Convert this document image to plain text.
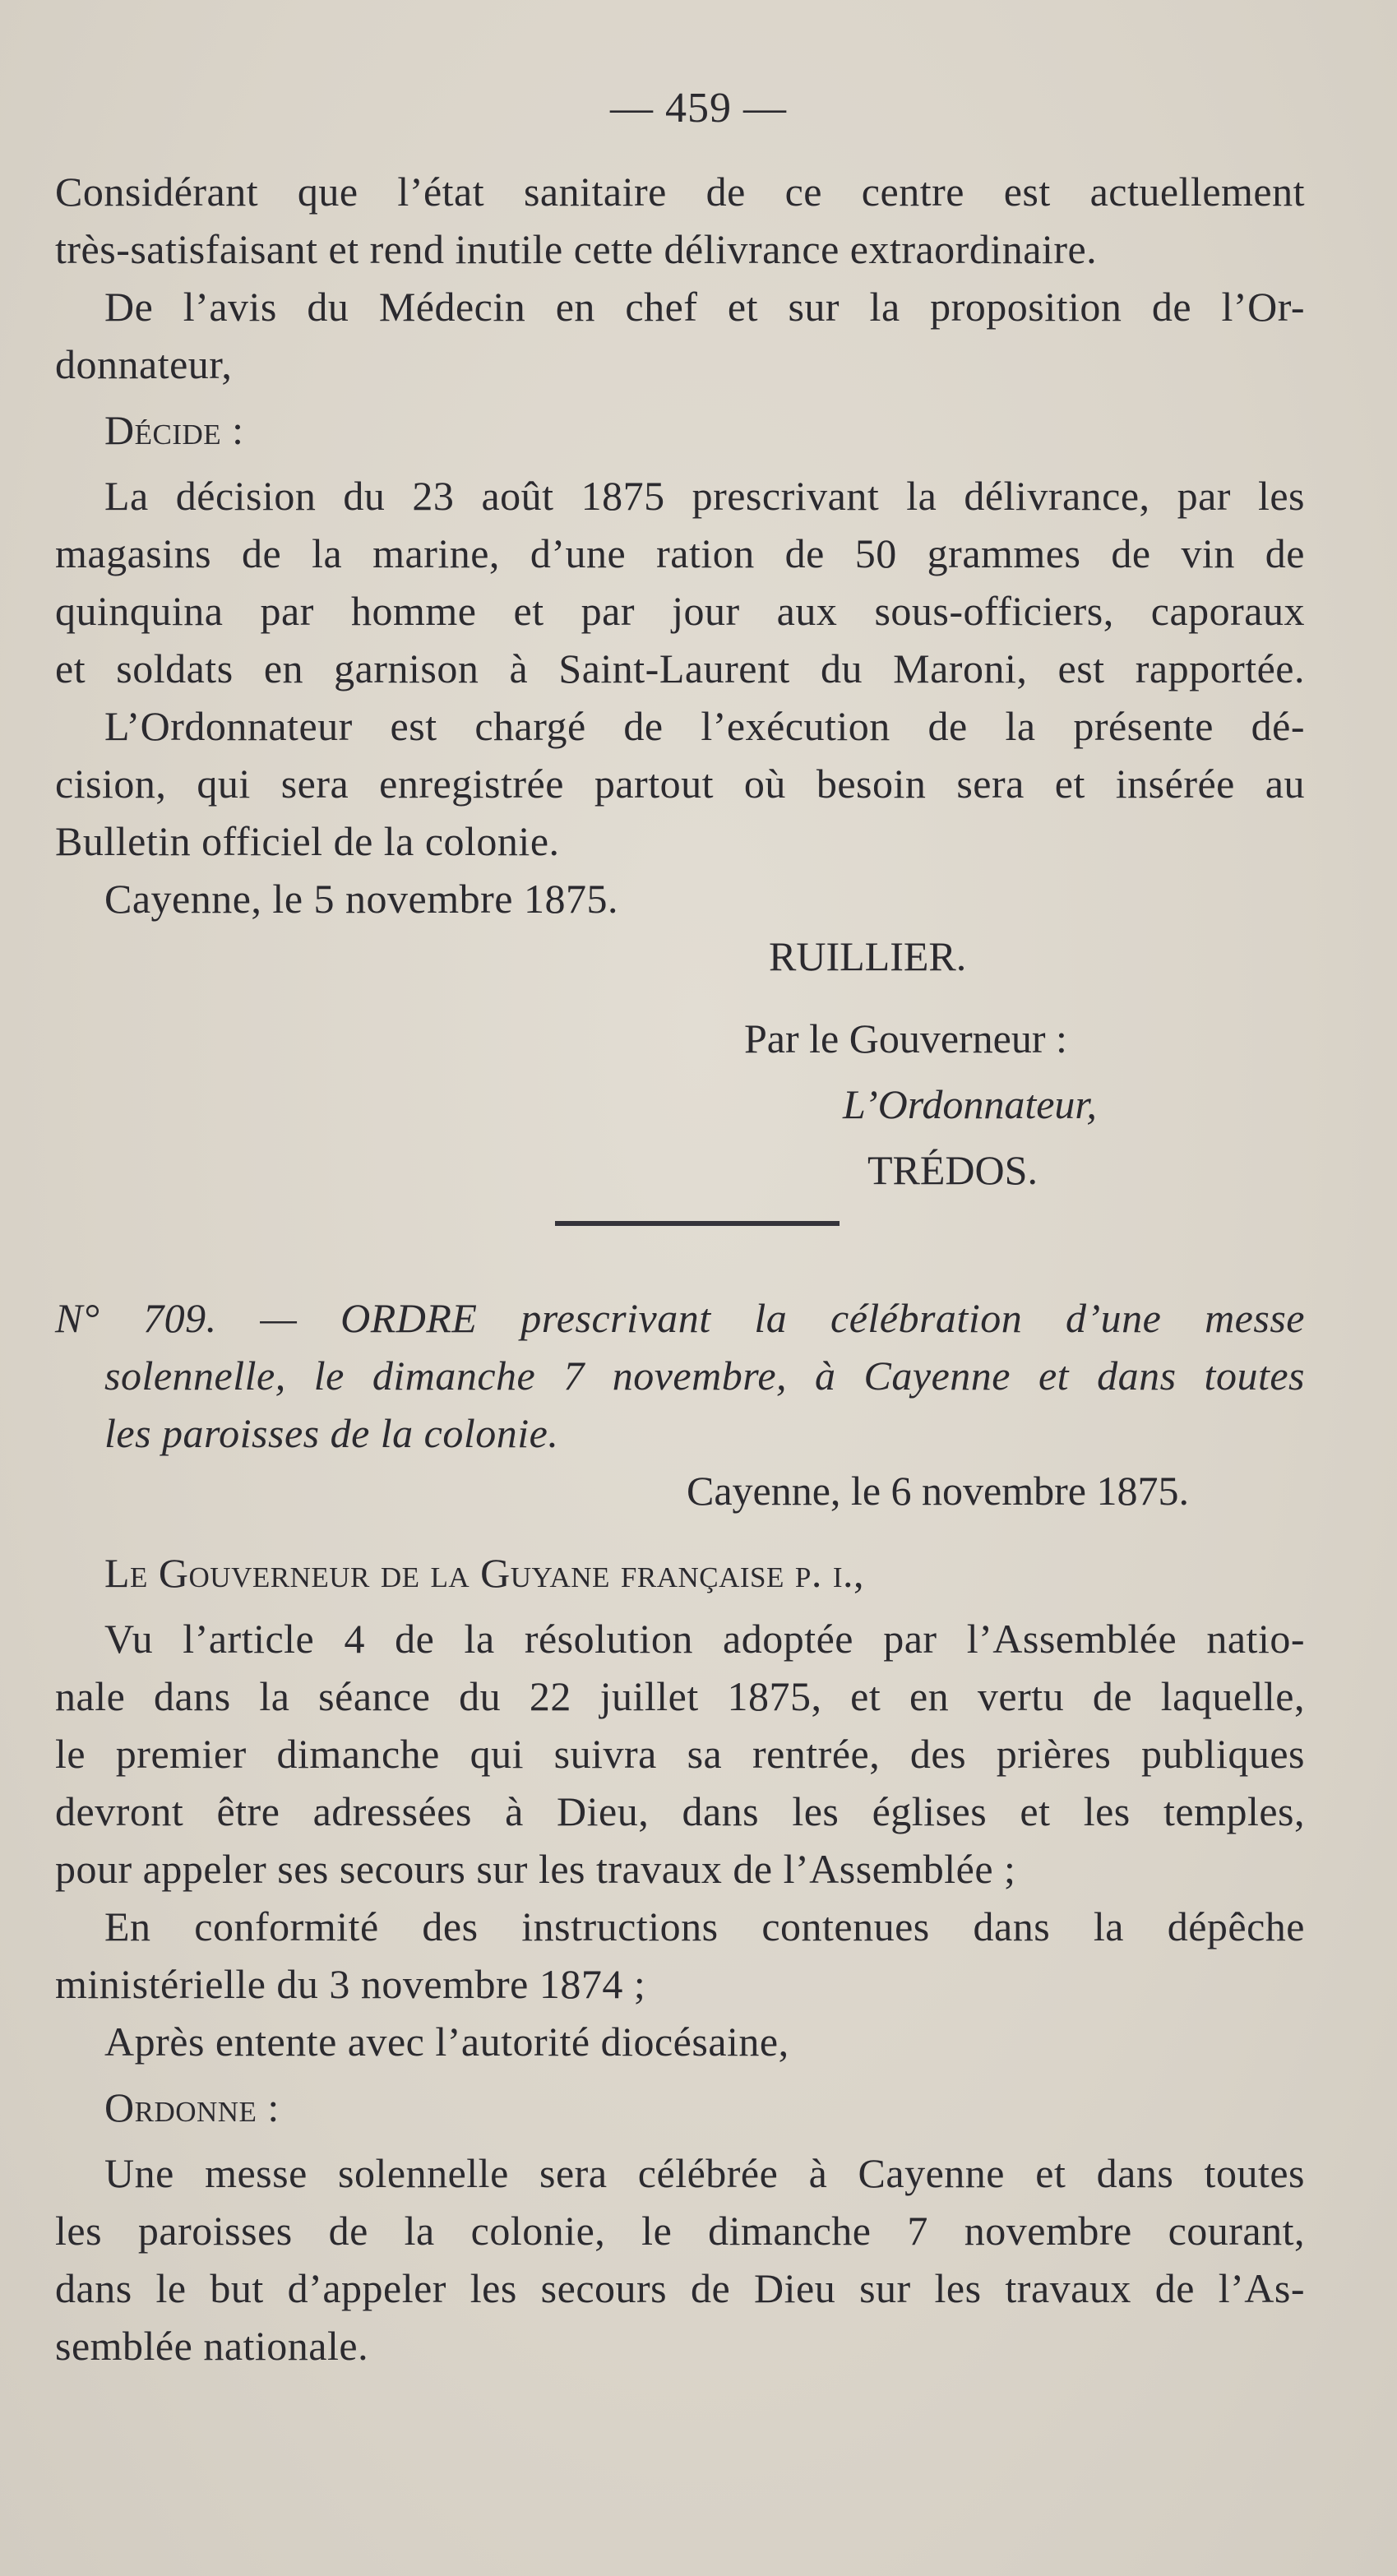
— 459 —
Considérant que l’état sanitaire de ce centre est actuellement
très-satisfaisant et rend inutile cette délivrance extraordinaire.
De l’avis du Médecin en chef et sur la proposition de l’Or-
donnateur,
Décide :
La décision du 23 août 1875 prescrivant la délivrance, par les
magasins de la marine, d’une ration de 50 grammes de vin de
quinquina par homme et par jour aux sous-officiers, caporaux
et soldats en garnison à Saint-Laurent du Maroni, est rapportée.
L’Ordonnateur est chargé de l’exécution de la présente dé-
cision, qui sera enregistrée partout où besoin sera et insérée au
Bulletin officiel de la colonie.
Cayenne, le 5 novembre 1875.
RUILLIER.
Par le Gouverneur :
L’Ordonnateur,
TRÉDOS.
N° 709. — ORDRE prescrivant la célébration d’une messe
solennelle, le dimanche 7 novembre, à Cayenne et dans toutes
les paroisses de la colonie.
Cayenne, le 6 novembre 1875.
Le Gouverneur de la Guyane française p. i.,
Vu l’article 4 de la résolution adoptée par l’Assemblée natio-
nale dans la séance du 22 juillet 1875, et en vertu de laquelle,
le premier dimanche qui suivra sa rentrée, des prières publiques
devront être adressées à Dieu, dans les églises et les temples,
pour appeler ses secours sur les travaux de l’Assemblée ;
En conformité des instructions contenues dans la dépêche
ministérielle du 3 novembre 1874 ;
Après entente avec l’autorité diocésaine,
Ordonne :
Une messe solennelle sera célébrée à Cayenne et dans toutes
les paroisses de la colonie, le dimanche 7 novembre courant,
dans le but d’appeler les secours de Dieu sur les travaux de l’As-
semblée nationale.
